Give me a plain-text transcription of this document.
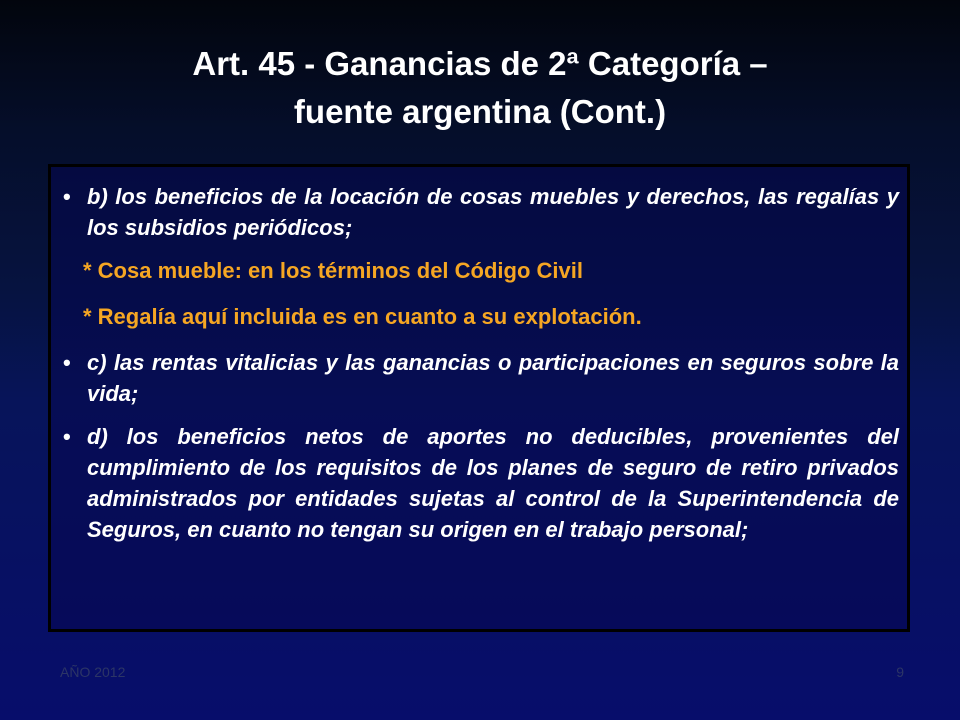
Art. 45 - Ganancias de 2ª Categoría –
fuente argentina (Cont.)
• b) los beneficios de la locación de cosas muebles y derechos, las regalías y los subsidios periódicos;
* Cosa mueble: en los términos del Código Civil
* Regalía aquí incluida es en cuanto a su explotación.
• c) las rentas vitalicias y las ganancias o participaciones en seguros sobre la vida;
• d) los beneficios netos de aportes no deducibles, provenientes del cumplimiento de los requisitos de los planes de seguro de retiro privados administrados por entidades sujetas al control de la Superintendencia de Seguros, en cuanto no tengan su origen en el trabajo personal;
AÑO 2012	9
